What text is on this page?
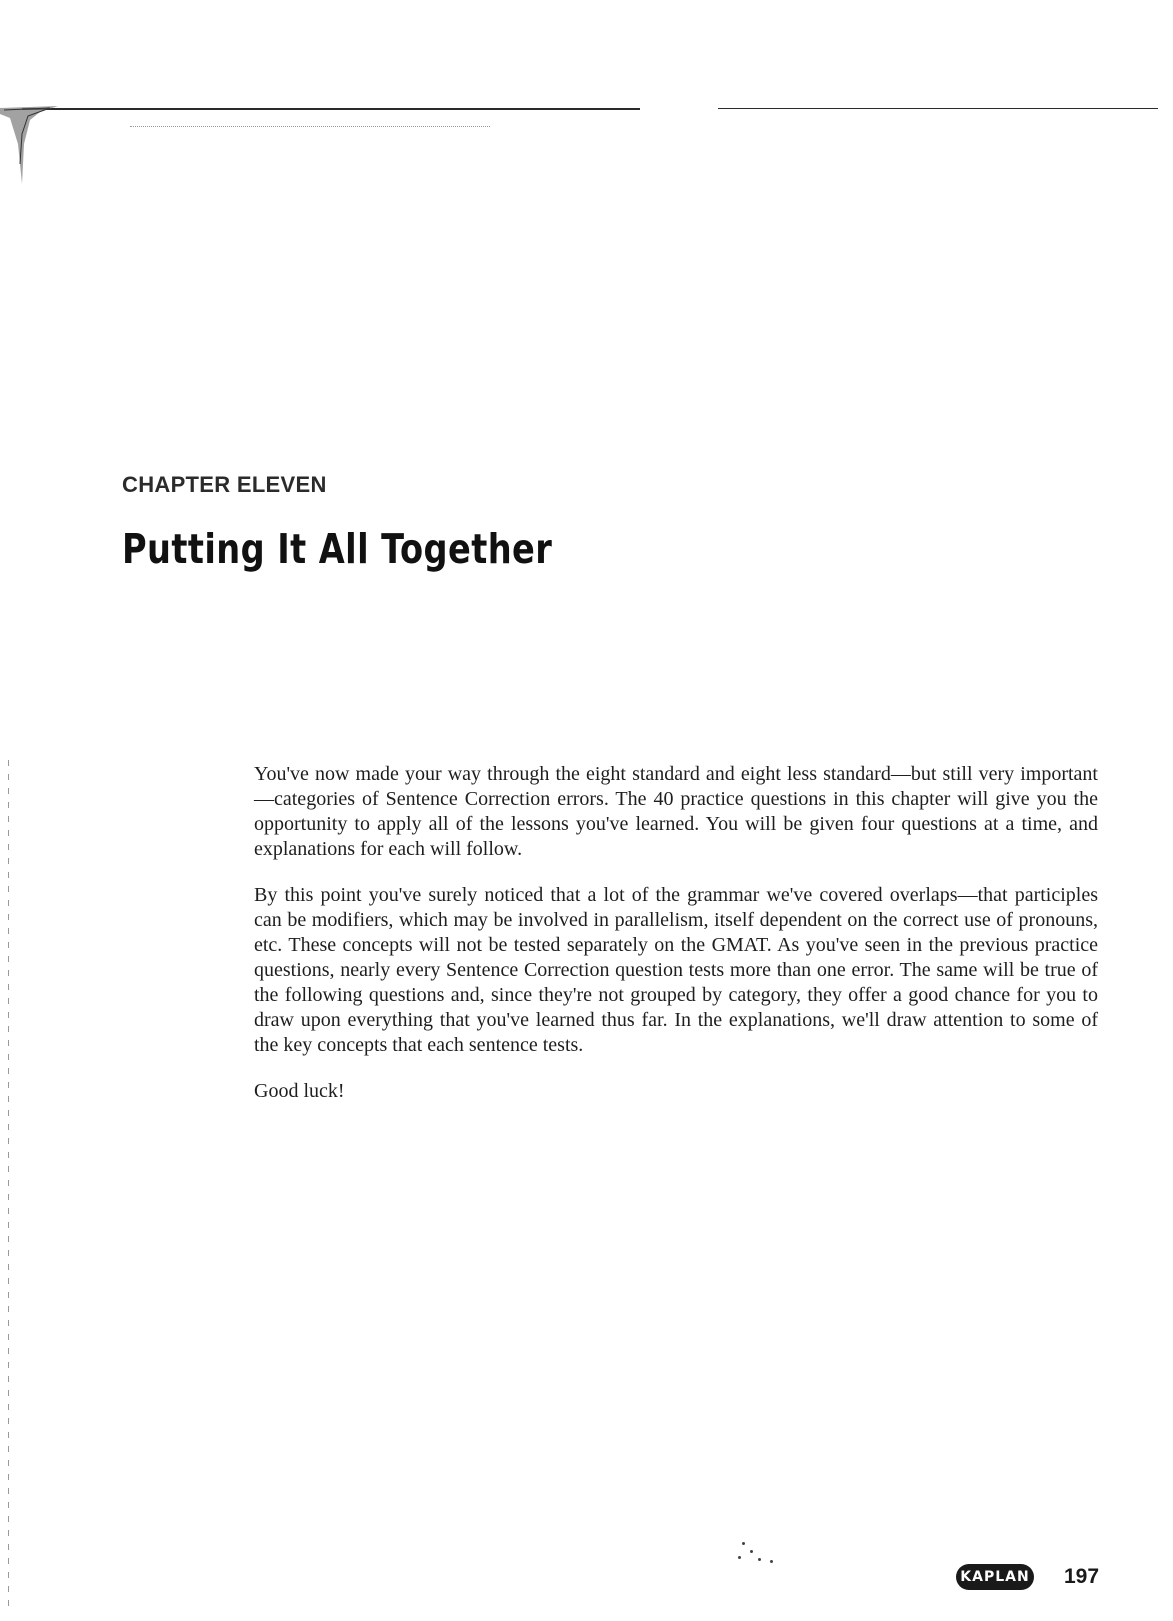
CHAPTER ELEVEN
Putting It All Together

You've now made your way through the eight standard and eight less standard—but still very important—categories of Sentence Correction errors. The 40 practice questions in this chapter will give you the opportunity to apply all of the lessons you've learned. You will be given four questions at a time, and explanations for each will follow.

By this point you've surely noticed that a lot of the grammar we've covered overlaps—that participles can be modifiers, which may be involved in parallelism, itself dependent on the correct use of pronouns, etc. These concepts will not be tested separately on the GMAT. As you've seen in the previous practice questions, nearly every Sentence Correction question tests more than one error. The same will be true of the following questions and, since they're not grouped by category, they offer a good chance for you to draw upon everything that you've learned thus far. In the explanations, we'll draw attention to some of the key concepts that each sentence tests.

Good luck!

KAPLAN 197
